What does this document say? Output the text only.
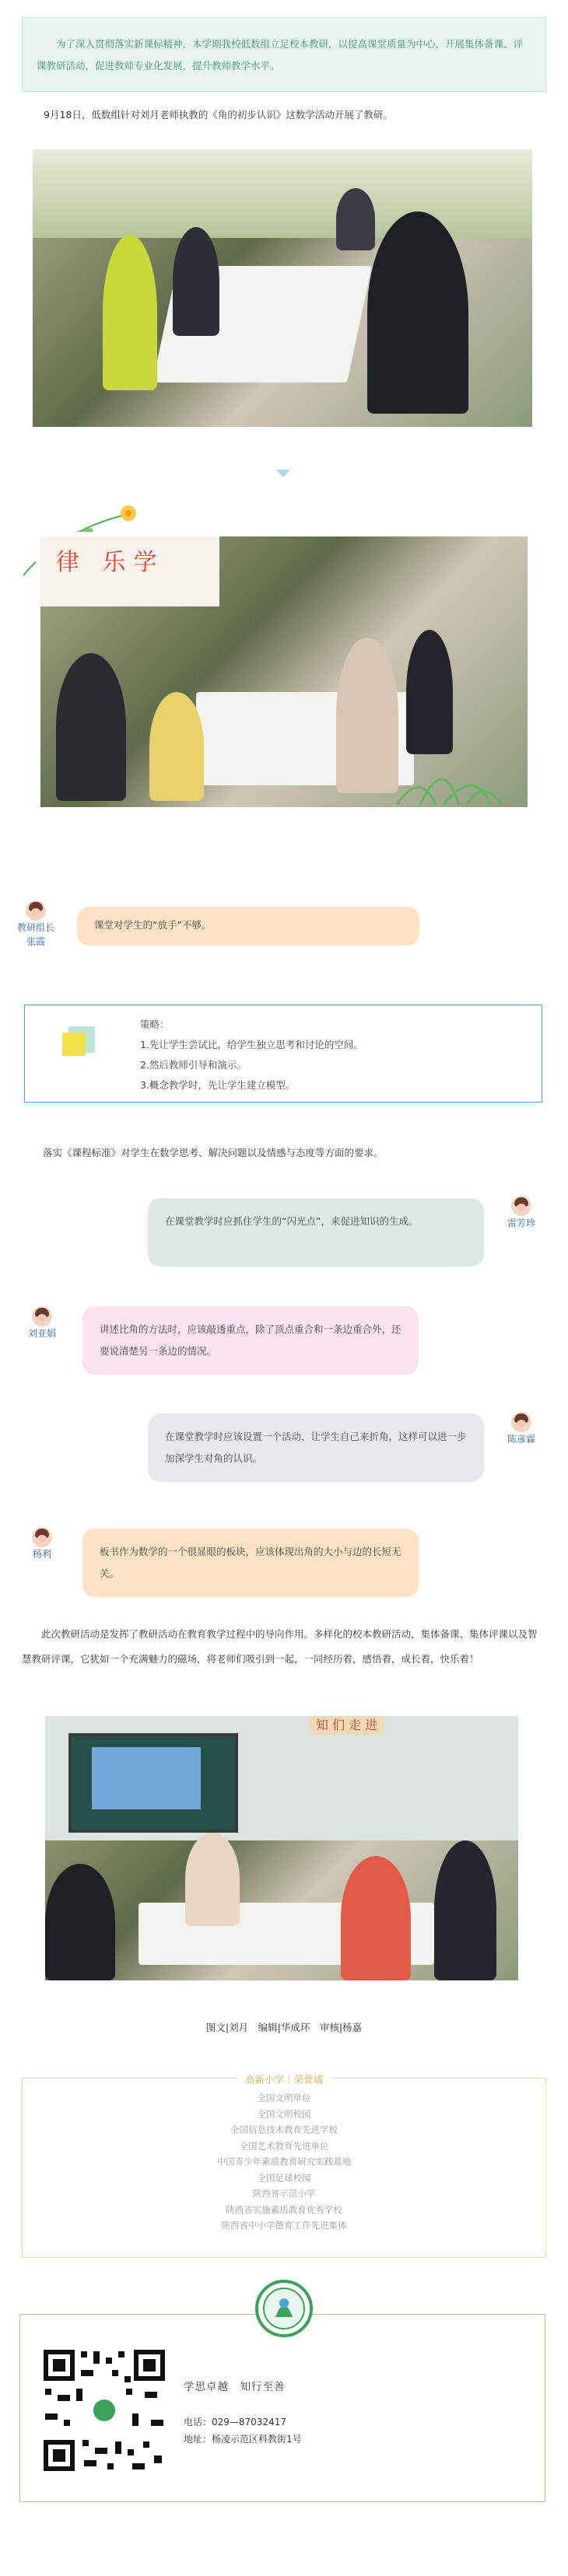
为了深入贯彻落实新课标精神，本学期我校低数组立足校本教研，以提高课堂质量为中心，开展集体备课、评课教研活动，促进教师专业化发展，提升教师教学水平。

9月18日，低数组针对刘月老师执教的《角的初步认识》这数学活动开展了教研。
律 乐学
教研组长
张霞
课堂对学生的“放手”不够。
策略：
1.先让学生尝试比，给学生独立思考和讨论的空间。
2.然后教师引导和演示。
3.概念教学时，先让学生建立模型。
落实《课程标准》对学生在数学思考、解决问题以及情感与态度等方面的要求。
在课堂教学时应抓住学生的“闪光点”，来促进知识的生成。	雷芳珍
刘亚娟	讲述比角的方法时，应该敲透重点，除了顶点重合和一条边重合外，还要说清楚另一条边的情况。
在课堂教学时应该设置一个活动，让学生自己来折角，这样可以进一步加深学生对角的认识。
陈彦霖
杨利	板书作为数学的一个很显眼的板块，应该体现出角的大小与边的长短无关。
此次教研活动是发挥了教研活动在教育教学过程中的导向作用。多样化的校本教研活动，集体备课、集体评课以及智慧教研评课，它犹如一个充满魅力的磁场，将老师们吸引到一起，一同经历着，感悟着，成长着，快乐着！
知 们 走 进
图文|刘月　编辑|华成环　审核|杨嘉
高新小学｜荣誉墙
全国文明单位
全国文明校园
全国信息技术教育先进学校
全国艺术教育先进单位
中国青少年素质教育研究实践基地
全国足球校园
陕西省示范小学
陕西省实施素质教育优秀学校
陕西省中小学德育工作先进集体
学思卓越　知行至善
电话：029—87032417
地址：杨凌示范区科教街1号
